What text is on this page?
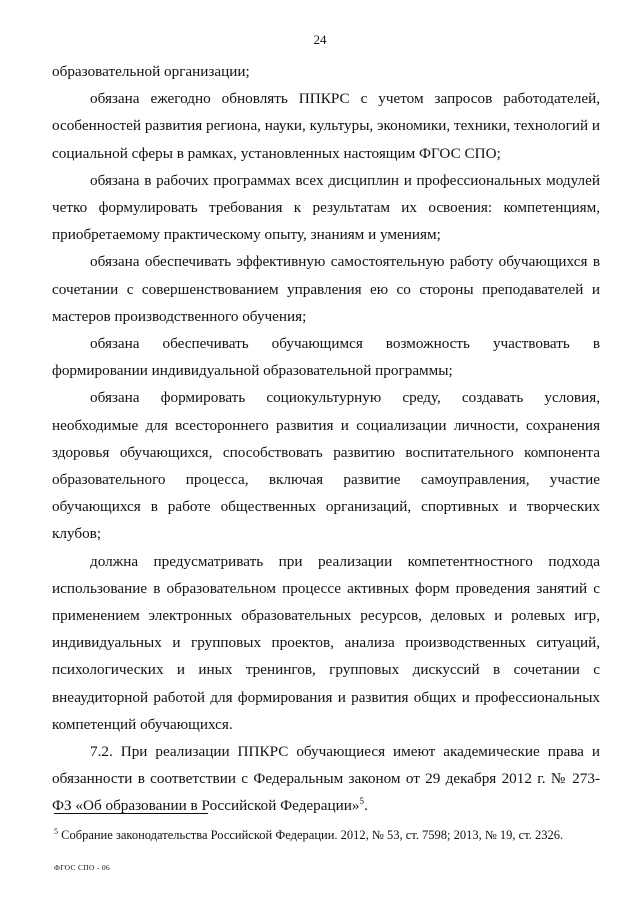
24

образовательной организации;

обязана ежегодно обновлять ППКРС с учетом запросов работодателей, особенностей развития региона, науки, культуры, экономики, техники, технологий и социальной сферы в рамках, установленных настоящим ФГОС СПО;

обязана в рабочих программах всех дисциплин и профессиональных модулей четко формулировать требования к результатам их освоения: компетенциям, приобретаемому практическому опыту, знаниям и умениям;

обязана обеспечивать эффективную самостоятельную работу обучающихся в сочетании с совершенствованием управления ею со стороны преподавателей и мастеров производственного обучения;

обязана обеспечивать обучающимся возможность участвовать в формировании индивидуальной образовательной программы;

обязана формировать социокультурную среду, создавать условия, необходимые для всестороннего развития и социализации личности, сохранения здоровья обучающихся, способствовать развитию воспитательного компонента образовательного процесса, включая развитие самоуправления, участие обучающихся в работе общественных организаций, спортивных и творческих клубов;

должна предусматривать при реализации компетентностного подхода использование в образовательном процессе активных форм проведения занятий с применением электронных образовательных ресурсов, деловых и ролевых игр, индивидуальных и групповых проектов, анализа производственных ситуаций, психологических и иных тренингов, групповых дискуссий в сочетании с внеаудиторной работой для формирования и развития общих и профессиональных компетенций обучающихся.

7.2. При реализации ППКРС обучающиеся имеют академические права и обязанности в соответствии с Федеральным законом от 29 декабря 2012 г. № 273-ФЗ «Об образовании в Российской Федерации»$^5$.

$^5$ Собрание законодательства Российской Федерации. 2012, № 53, ст. 7598; 2013, № 19, ст. 2326.
ФГОС СПО - 06
